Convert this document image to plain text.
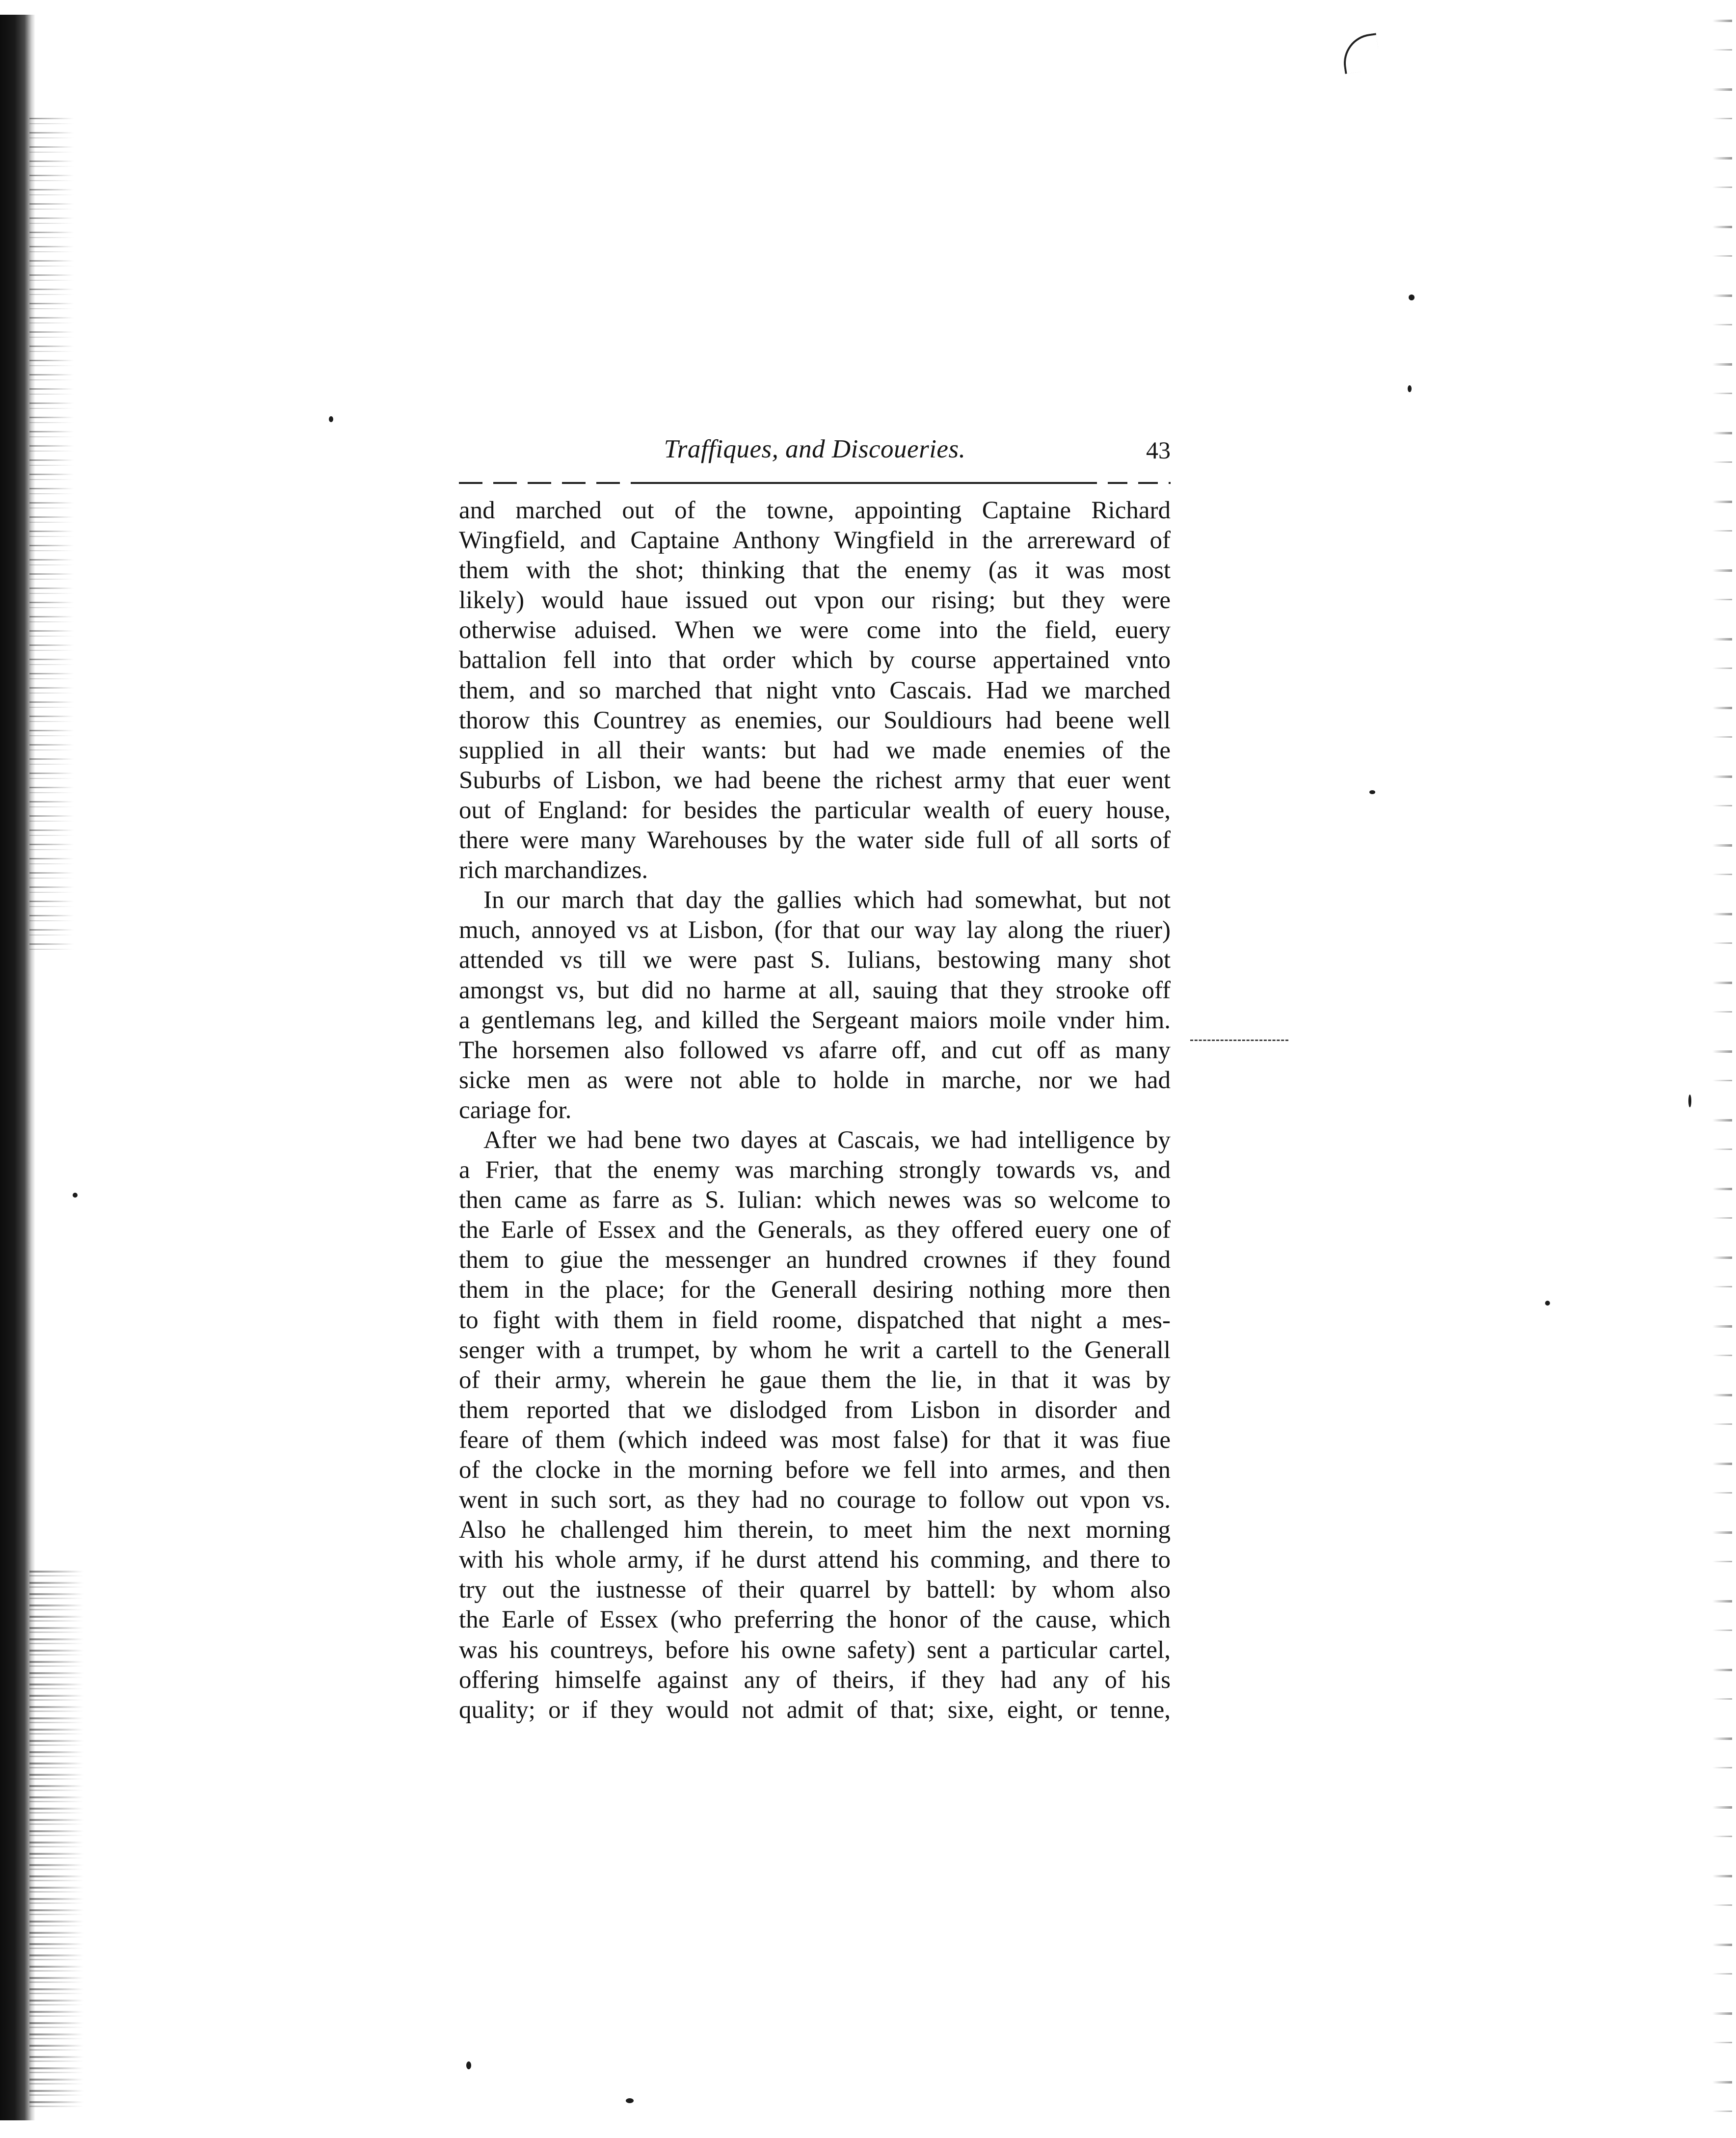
Traffiques, and Discoueries.	43
and marched out of the towne, appointing Captaine Richard
Wingfield, and Captaine Anthony Wingfield in the arrereward of
them with the shot; thinking that the enemy (as it was most
likely) would haue issued out vpon our rising; but they were
otherwise aduised. When we were come into the field, euery
battalion fell into that order which by course appertained vnto
them, and so marched that night vnto Cascais. Had we marched
thorow this Countrey as enemies, our Souldiours had beene well
supplied in all their wants: but had we made enemies of the
Suburbs of Lisbon, we had beene the richest army that euer went
out of England: for besides the particular wealth of euery house,
there were many Warehouses by the water side full of all sorts of
rich marchandizes.
In our march that day the gallies which had somewhat, but not
much, annoyed vs at Lisbon, (for that our way lay along the riuer)
attended vs till we were past S. Iulians, bestowing many shot
amongst vs, but did no harme at all, sauing that they strooke off
a gentlemans leg, and killed the Sergeant maiors moile vnder him.
The horsemen also followed vs afarre off, and cut off as many
sicke men as were not able to holde in marche, nor we had
cariage for.
After we had bene two dayes at Cascais, we had intelligence by
a Frier, that the enemy was marching strongly towards vs, and
then came as farre as S. Iulian: which newes was so welcome to
the Earle of Essex and the Generals, as they offered euery one of
them to giue the messenger an hundred crownes if they found
them in the place; for the Generall desiring nothing more then
to fight with them in field roome, dispatched that night a mes-
senger with a trumpet, by whom he writ a cartell to the Generall
of their army, wherein he gaue them the lie, in that it was by
them reported that we dislodged from Lisbon in disorder and
feare of them (which indeed was most false) for that it was fiue
of the clocke in the morning before we fell into armes, and then
went in such sort, as they had no courage to follow out vpon vs.
Also he challenged him therein, to meet him the next morning
with his whole army, if he durst attend his comming, and there to
try out the iustnesse of their quarrel by battell: by whom also
the Earle of Essex (who preferring the honor of the cause, which
was his countreys, before his owne safety) sent a particular cartel,
offering himselfe against any of theirs, if they had any of his
quality; or if they would not admit of that; sixe, eight, or tenne,
